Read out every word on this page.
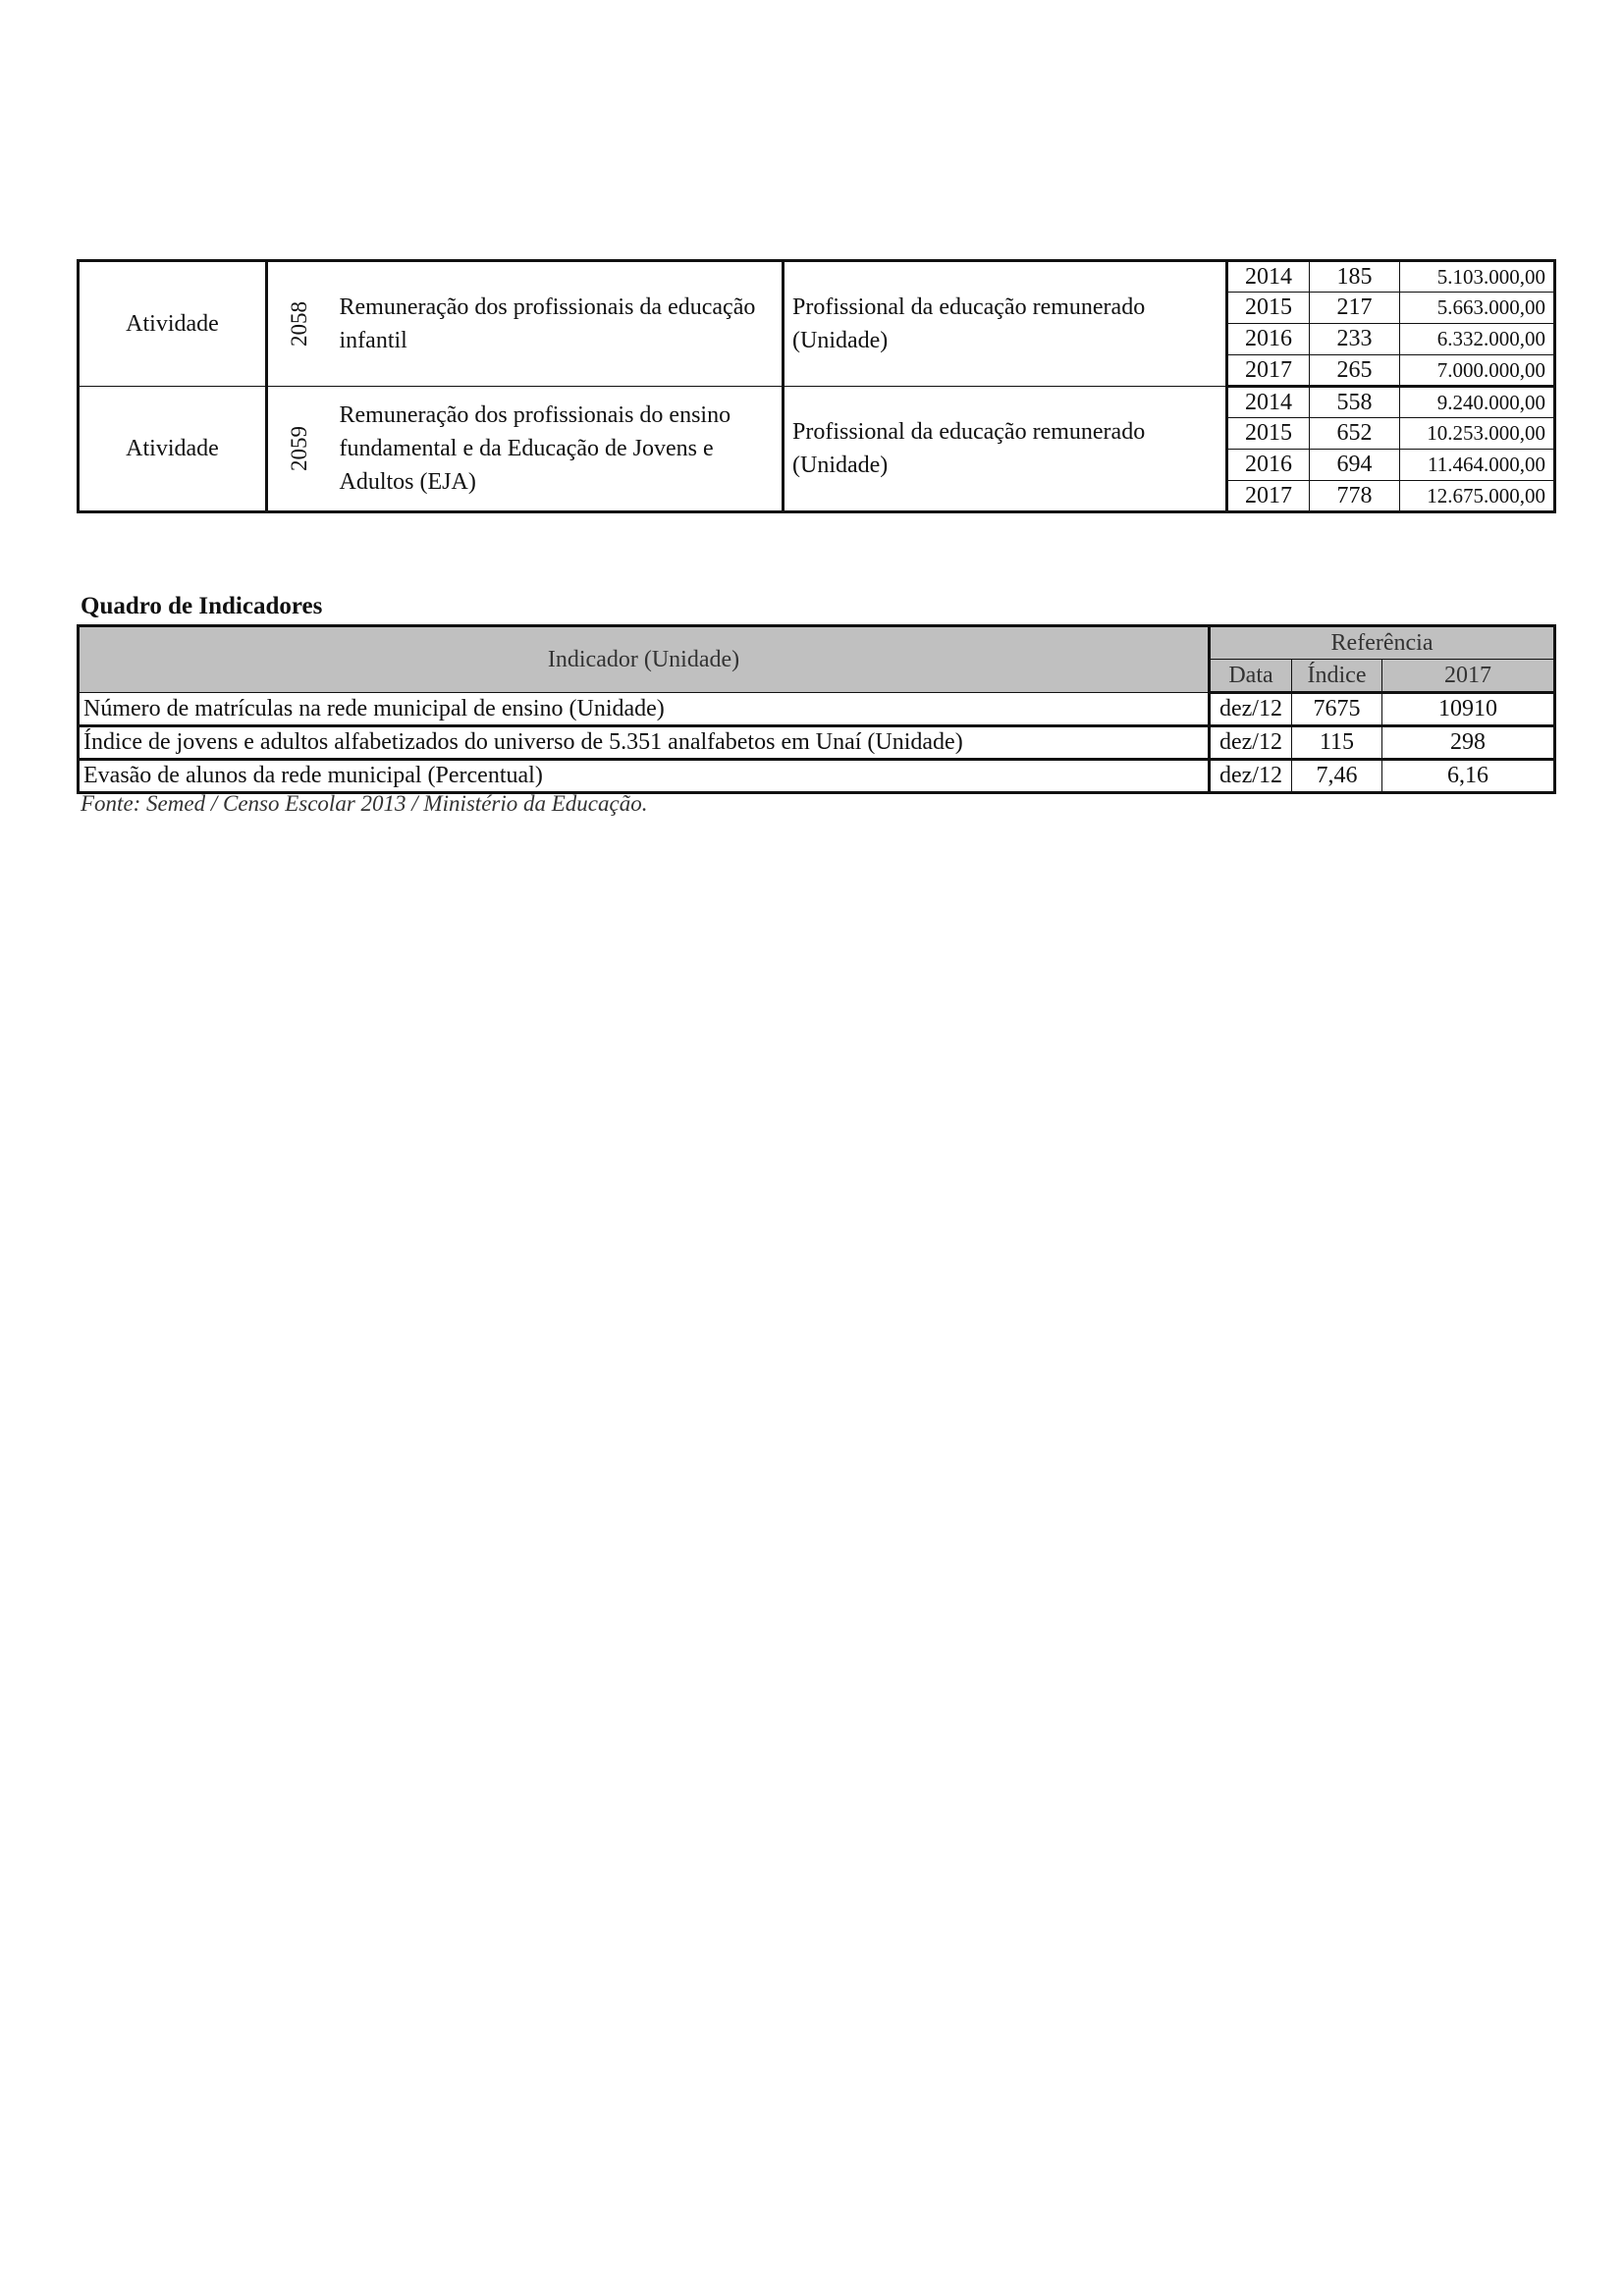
Atividade	2058	Remuneração dos profissionais da educação infantil	Profissional da educação remunerado (Unidade)	2014	185	5.103.000,00
				2015	217	5.663.000,00
				2016	233	6.332.000,00
				2017	265	7.000.000,00
Atividade	2059	Remuneração dos profissionais do ensino fundamental e da Educação de Jovens e Adultos (EJA)	Profissional da educação remunerado (Unidade)	2014	558	9.240.000,00
				2015	652	10.253.000,00
				2016	694	11.464.000,00
				2017	778	12.675.000,00
Quadro de Indicadores
Indicador (Unidade)	Referência		
	Data	Índice	2017
Número de matrículas na rede municipal de ensino (Unidade)	dez/12	7675	10910
Índice de jovens e adultos alfabetizados do universo de 5.351 analfabetos em Unaí (Unidade)	dez/12	115	298
Evasão de alunos da rede municipal (Percentual)	dez/12	7,46	6,16

Fonte: Semed / Censo Escolar 2013 / Ministério da Educação.
